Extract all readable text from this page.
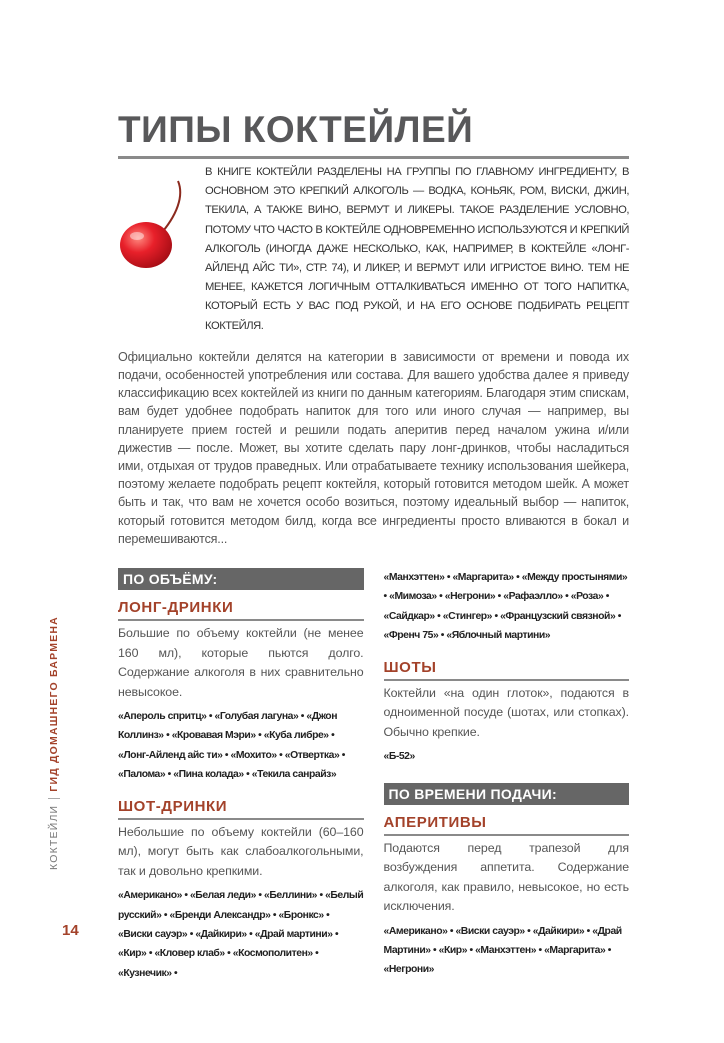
ТИПЫ КОКТЕЙЛЕЙ
В КНИГЕ КОКТЕЙЛИ РАЗДЕЛЕНЫ НА ГРУППЫ ПО ГЛАВНОМУ ИНГРЕДИЕНТУ, В ОСНОВНОМ ЭТО КРЕПКИЙ АЛКОГОЛЬ — ВОДКА, КОНЬЯК, РОМ, ВИСКИ, ДЖИН, ТЕКИЛА, А ТАКЖЕ ВИНО, ВЕРМУТ И ЛИКЕРЫ. ТАКОЕ РАЗДЕЛЕНИЕ УСЛОВНО, ПОТОМУ ЧТО ЧАСТО В КОКТЕЙЛЕ ОДНОВРЕМЕННО ИСПОЛЬЗУЮТСЯ И КРЕПКИЙ АЛКОГОЛЬ (ИНОГДА ДАЖЕ НЕСКОЛЬКО, КАК, НАПРИМЕР, В КОКТЕЙЛЕ «ЛОНГ-АЙЛЕНД АЙС ТИ», СТР. 74), И ЛИКЕР, И ВЕРМУТ ИЛИ ИГРИСТОЕ ВИНО. ТЕМ НЕ МЕНЕЕ, КАЖЕТСЯ ЛОГИЧНЫМ ОТТАЛКИВАТЬСЯ ИМЕННО ОТ ТОГО НАПИТКА, КОТОРЫЙ ЕСТЬ У ВАС ПОД РУКОЙ, И НА ЕГО ОСНОВЕ ПОДБИРАТЬ РЕЦЕПТ КОКТЕЙЛЯ.

Официально коктейли делятся на категории в зависимости от времени и повода их подачи, особенностей употребления или состава. Для вашего удобства далее я приведу классификацию всех коктейлей из книги по данным категориям. Благодаря этим спискам, вам будет удобнее подобрать напиток для того или иного случая — например, вы планируете прием гостей и решили подать аперитив перед началом ужина и/или дижестив — после. Может, вы хотите сделать пару лонг-дринков, чтобы насладиться ими, отдыхая от трудов праведных. Или отрабатываете технику использования шейкера, поэтому желаете подобрать рецепт коктейля, который готовится методом шейк. А может быть и так, что вам не хочется особо возиться, поэтому идеальный выбор — напиток, который готовится методом билд, когда все ингредиенты просто вливаются в бокал и перемешиваются...

ПО ОБЪЁМУ:
ЛОНГ-ДРИНКИ

Большие по объему коктейли (не менее 160 мл), которые пьются долго. Содержание алкоголя в них сравнительно невысокое.

«Апероль спритц» • «Голубая лагуна» • «Джон Коллинз» • «Кровавая Мэри» • «Куба либре» • «Лонг-Айленд айс ти» • «Мохито» • «Отвертка» • «Палома» • «Пина колада» • «Текила санрайз»

ШОТ-ДРИНКИ

Небольшие по объему коктейли (60–160 мл), могут быть как слабоалкогольными, так и довольно крепкими.

«Американо» • «Белая леди» • «Беллини» • «Белый русский» • «Бренди Александр» • «Бронкс» • «Виски сауэр» • «Дайкири» • «Драй мартини» • «Кир» • «Кловер клаб» • «Космополитен» • «Кузнечик» •

«Манхэттен» • «Маргарита» • «Между простынями» • «Мимоза» • «Негрони» • «Рафаэлло» • «Роза» • «Сайдкар» • «Стингер» • «Французский связной» • «Френч 75» • «Яблочный мартини»

ШОТЫ

Коктейли «на один глоток», подаются в одноименной посуде (шотах, или стопках). Обычно крепкие.

«Б-52»

ПО ВРЕМЕНИ ПОДАЧИ:
АПЕРИТИВЫ

Подаются перед трапезой для возбуждения аппетита. Содержание алкоголя, как правило, невысокое, но есть исключения.

«Американо» • «Виски сауэр» • «Дайкири» • «Драй Мартини» • «Кир» • «Манхэттен» • «Маргарита» • «Негрони»

КОКТЕЙЛИГИД ДОМАШНЕГО БАРМЕНА
14
